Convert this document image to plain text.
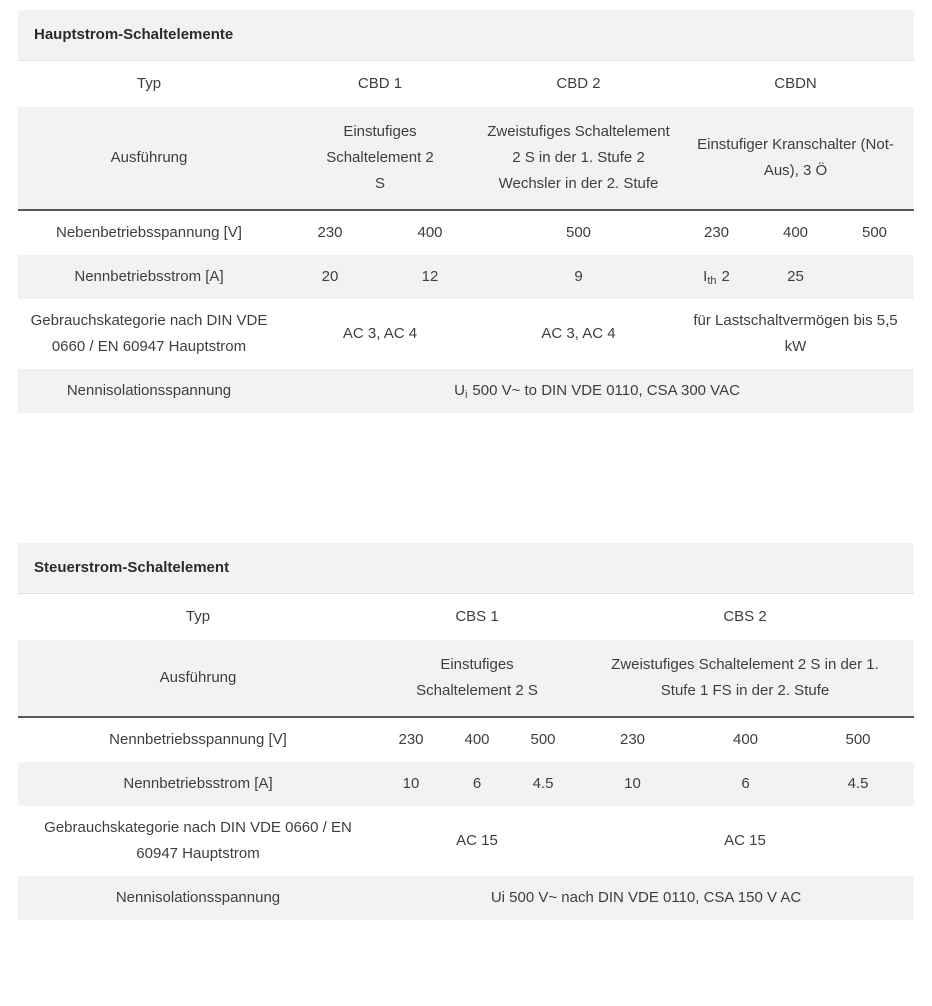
Hauptstrom-Schaltelemente						
Typ	CBD 1		CBD 2	CBDN		
Ausführung	Einstufiges Schaltelement 2 S		Zweistufiges Schaltelement 2 S in der 1. Stufe 2 Wechsler in der 2. Stufe	Einstufiger Kranschalter (Not-Aus), 3 Ö		
Nebenbetriebsspannung [V]	230	400	500	230	400	500
Nennbetriebsstrom [A]	20	12	9	$I_{th}$ 2	25	
Gebrauchskategorie nach DIN VDE 0660 / EN 60947 Hauptstrom	AC 3, AC 4		AC 3, AC 4	für Lastschaltvermögen bis 5,5 kW		
Nennisolationsspannung	$U_i$ 500 V~ to DIN VDE 0110, CSA 300 VAC					
Steuerstrom-Schaltelement						
Typ	CBS 1			CBS 2		
Ausführung	Einstufiges Schaltelement 2 S			Zweistufiges Schaltelement 2 S in der 1. Stufe 1 FS in der 2. Stufe		
Nennbetriebsspannung [V]	230	400	500	230	400	500
Nennbetriebsstrom [A]	10	6	4.5	10	6	4.5
Gebrauchskategorie nach DIN VDE 0660 / EN 60947 Hauptstrom	AC 15			AC 15		
Nennisolationsspannung	Ui 500 V~ nach DIN VDE 0110, CSA 150 V AC					
